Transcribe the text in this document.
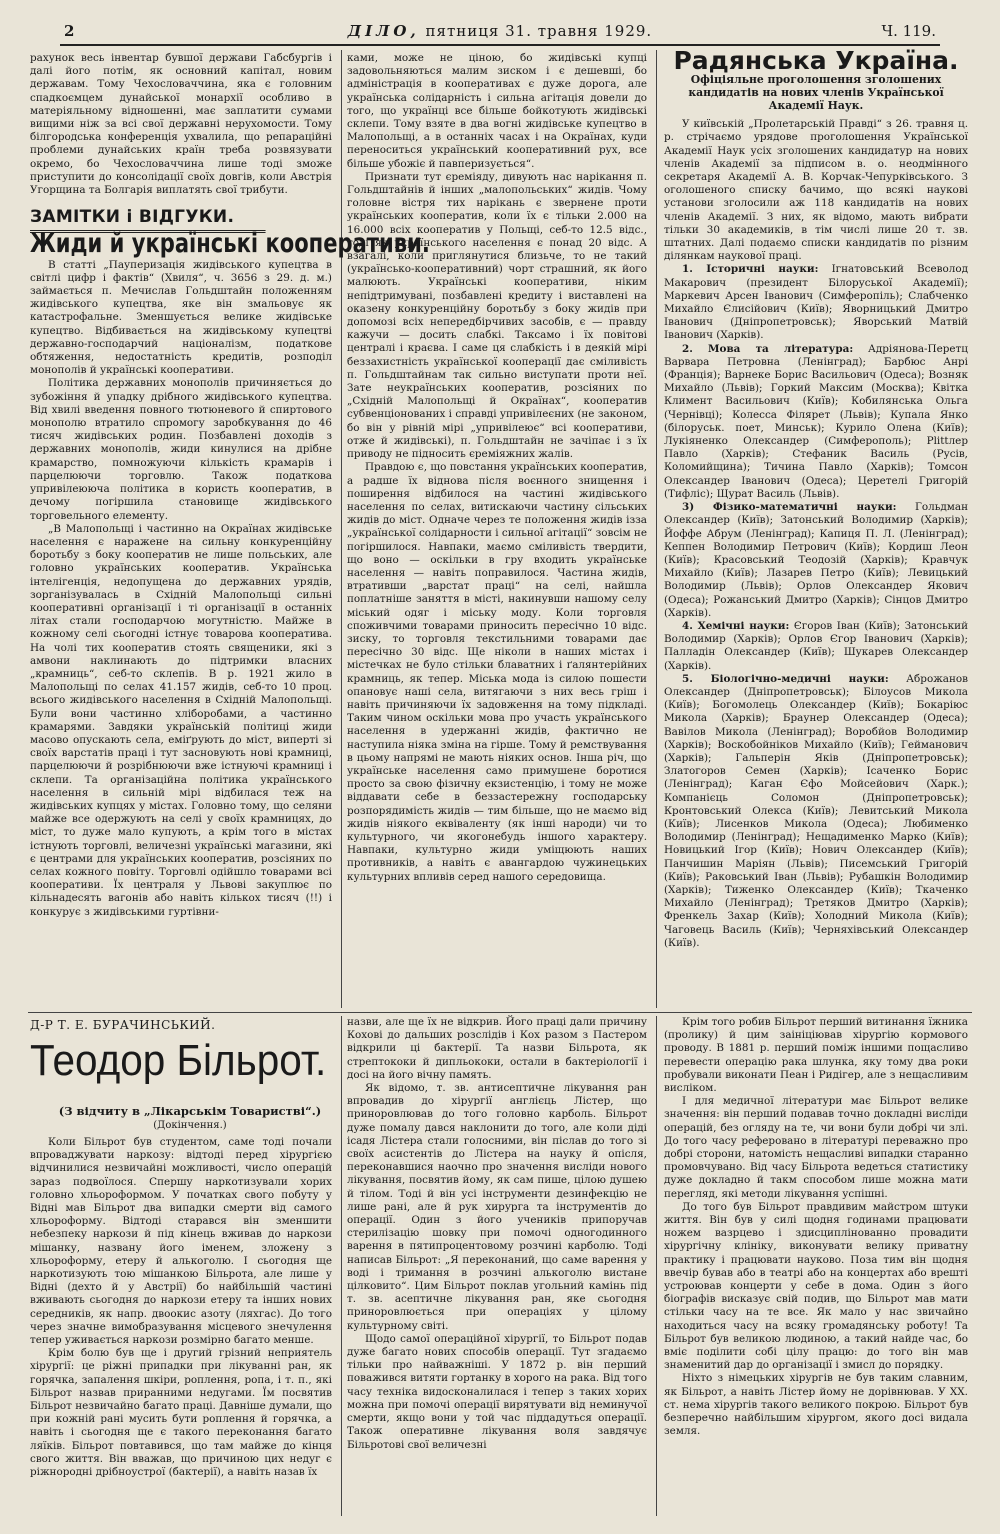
2	ДІЛО, пятниця 31. травня 1929.	Ч. 119.

рахунок весь інвентар бувшої держави Габсбургів і далі його потім, як основний капітал, новим державам. Тому Чехословаччина, яка є головним спадкоємцем дунайської монархії особливо в матеріяльному відношенні, має заплатити сумами вищими ніж за всі свої державні нерухомости. Тому білгородська конференція ухвалила, що репараційні проблеми дунайських країн треба розвязувати окремо, бо Чехословаччина лише тоді зможе приступити до консолідації своїх довгів, коли Австрія Угорщина та Болгарія виплатять свої трибути.

ЗАМІТКИ і ВІДГУКИ.
Жиди й українські кооперативи.

В статті „Пауперизація жидівського купецтва в світлі цифр і фактів“ (Хвиля“, ч. 3656 з 29. д. м.) займається п. Мечислав Гольдштайн положенням жидівського купецтва, яке він змальовує як катастрофальне. Зменшується велике жидівське купецтво. Відбивається на жидівському купецтві державно-господарчий націоналізм, податкове обтяження, недостатність кредитів, розподіл монополів й українські кооперативи.

Політика державних монополів причиняється до зубожіння й упадку дрібного жидівського купецтва. Від хвилі введення повного тютюневого й спиртового монополю втратило спромогу заробкування до 46 тисяч жидівських родин. Позбавлені доходів з державних монополів, жиди кинулися на дрібне крамарство, помножуючи кількість крамарів і парцелюючи торговлю. Також податкова упривілеююча політика в користь кооператив, в дечому погіршила становище жидівського торговельного елементу.

„В Малопольщі і частинно на Окраїнах жидівське населення є наражене на сильну конкуренційну боротьбу з боку кооператив не лише польських, але головно українських кооператив. Українська інтелігенція, недопущена до державних урядів, зорганізувалась в Східній Малопольщі сильні кооперативні організації і ті організації в останніх літах стали господарчою могутністю. Майже в кожному селі сьогодні істнує товарова кооператива. На чолі тих кооператив стоять священики, які з амвони наклинають до підтримки власних „крамниць“, себ-то склепів. В р. 1921 жило в Малопольщі по селах 41.157 жидів, себ-то 10 проц. всього жидівського населення в Східній Малопольщі. Були вони частинно хліборобами, а частинно крамарями. Завдяки українській політиці жиди масово опускають села, еміґрують до міст, виперті зі своїх варстатів праці і тут засновують нові крамниці, парцелюючи й розрібнюючи вже істнуючі крамниці і склепи. Та організаційна політика українського населення в сильній мірі відбилася теж на жидівських купцях у містах. Головно тому, що селяни майже все одержують на селі у своїх крамницях, до міст, то дуже мало купують, а крім того в містах істнують торговлі, величезні українські магазини, які є центрами для українських кооператив, розсіяних по селах кожного повіту. Торговлі одійшло товарами всі кооперативи. Їх централя у Львові закуплює по кільнадесять вагонів або навіть кількох тисяч (!!) і конкурує з жидівськими гуртівни-

ками, може не ціною, бо жидівські купці задовольняються малим зиском і є дешевші, бо адміністрація в кооперативах є дуже дорога, але українська солідарність і сильна агітація довели до того, що українці все більше бойкотують жидівські склепи. Тому взяте в два вогні жидівське купецтво в Малопольщі, а в останніх часах і на Окраїнах, куди переноситься український кооперативний рух, все більше убожіє й павперизується“.

Признати тут єреміяду, дивують нас нарікання п. Гольдштайнів й інших „малопольських“ жидів. Чому головне вістря тих нарікань є звернене проти українських кооператив, коли їх є тільки 2.000 на 16.000 всіх кооператив у Польщі, себ-то 12.5 відс., тоді як українського населення є понад 20 відс. А взагалі, коли приглянутися близьче, то не такий (українсько-кооперативний) чорт страшний, як його малюють. Українські кооперативи, ніким непідтримувані, позбавлені кредиту і виставлені на оказену конкуренційну боротьбу з боку жидів при допомозі всіх непередбірчивих засобів, є — правду кажучи — досить слабкі. Таксамо і їх повітові централі і краєва. І саме ця слабкість і в деякій мірі беззахистність української кооперації дає сміливість п. Гольдштайнам так сильно виступати проти неї. Зате неукраїнських кооператив, розсіяних по „Східній Малопольщі й Окраїнах“, кооператив субвенціонованих і справді упривілеєних (не законом, бо він у рівній мірі „упривілеює“ всі кооперативи, отже й жидівські), п. Гольдштайн не зачіпає і з їх приводу не підносить єреміяжних жалів.

Правдою є, що повстання українських кооператив, а радше їх віднова після воєнного знищення і поширення відбилося на частині жидівського населення по селах, витискаючи частину сільських жидів до міст. Одначе через те положення жидів ізза „української солідарности і сильної агітації“ зовсім не погіршилося. Навпаки, маємо сміливість твердити, що воно — оскільки в гру входить українське населення — навіть поправилося. Частина жидів, втративши „варстат праці“ на селі, найшла поплатніше заняття в місті, накинувши нашому селу міський одяг і міську моду. Коли торговля споживчими товарами приносить пересічно 10 відс. зиску, то торговля текстильними товарами дає пересічно 30 відс. Ще ніколи в наших містах і містечках не було стільки блаватних і ґалянтерійних крамниць, як тепер. Міська мода із силою пошести опановує наші села, витягаючи з них весь гріш і навіть причиняючи їх задовження на тому підкладі. Таким чином оскільки мова про участь українського населення в удержанні жидів, фактично не наступила ніяка зміна на гірше. Тому й ремствування в цьому напрямі не мають ніяких основ. Інша річ, що українське населення само примушене боротися просто за свою фізичну екзистенцію, і тому не може віддавати себе в беззастережну господарську розпорядимість жидів — тим більше, що не маємо від жидів ніякого еквіваленту (як інші народи) чи то культурного, чи якогонебудь іншого характеру. Навпаки, культурно жиди уміщюють наших противників, а навіть є авангардою чужинецьких культурних впливів серед нашого середовища.

Радянська Україна.
Офіціяльне проголошення зголошених кандидатів на нових членів Української Академії Наук.

У київській „Пролетарській Правді“ з 26. травня ц. р. стрічаємо урядове проголошення Української Академії Наук усіх зголошених кандидатур на нових членів Академії за підписом в. о. неодмінного секретаря Академії А. В. Корчак-Чепурківського. З оголошеного списку бачимо, що всякі наукові установи зголосили аж 118 кандидатів на нових членів Академії. З них, як відомо, мають вибрати тільки 30 академиків, в тім числі лише 20 т. зв. штатних. Далі подаємо списки кандидатів по різним ділянкам наукової праці.

1. Історичні науки: Ігнатовський Всеволод Макарович (президент Білоруської Академії); Маркевич Арсен Іванович (Симферопіль); Слабченко Михайло Єлисійович (Київ); Яворницький Дмитро Іванович (Дніпропетровськ); Яворський Матвій Іванович (Харків).

2. Мова та література: Адріянова-Перетц Варвара Петровна (Ленінград); Барбюс Анрі (Франція); Варнеке Борис Васильович (Одеса); Возняк Михайло (Львів); Горкий Максим (Москва); Квітка Климент Васильович (Київ); Кобилянська Ольга (Чернівці); Колесса Філярет (Львів); Купала Янко (білоруськ. поет, Минськ); Курило Олена (Київ); Лукіяненко Олександер (Симферополь); Рlittлер Павло (Харків); Стефаник Василь (Русів, Коломийщина); Тичина Павло (Харків); Томсон Олександер Іванович (Одеса); Церетелі Григорій (Тифліс); Щурат Василь (Львів).

3) Фізико-математичні науки: Гольдман Олександер (Київ); Затонський Володимир (Харків); Йоффе Абрум (Ленінград); Капиця П. Л. (Ленінград); Кеппен Володимир Петрович (Київ); Кордиш Леон (Київ); Красовський Теодозій (Харків); Кравчук Михайло (Київ); Лазарев Петро (Київ); Левицький Володимир (Львів); Орлов Олександер Якович (Одеса); Рожанський Дмитро (Харків); Сінцов Дмитро (Харків).

4. Хемічні науки: Єгоров Іван (Київ); Затонський Володимир (Харків); Орлов Єгор Іванович (Харків); Палладін Олександер (Київ); Шукарев Олександер (Харків).

5. Біологічно-медичні науки: Аброжанов Олександер (Дніпропетровськ); Білоусов Микола (Київ); Богомолець Олександер (Київ); Бокаріюс Микола (Харків); Браунер Олександер (Одеса); Вавілов Микола (Ленінград); Воробйов Володимир (Харків); Воскобойніков Михайло (Київ); Гейманович (Харків); Гальперін Яків (Дніпропетровськ); Златогоров Семен (Харків); Ісаченко Борис (Ленінград); Каган Єфо Мойсейович (Харк.); Компанієць Соломон (Дніпропетровськ); Кронтовський Олекса (Київ); Левитський Микола (Київ); Лисенков Микола (Одеса); Любименко Володимир (Ленінград); Нещадименко Марко (Київ); Новицький Ігор (Київ); Нович Олександер (Київ); Панчишин Маріян (Львів); Писемський Григорій (Київ); Раковський Іван (Львів); Рубашкін Володимир (Харків); Тиженко Олександер (Київ); Ткаченко Михайло (Ленінград); Третяков Дмитро (Харків); Френкель Захар (Київ); Холодний Микола (Київ); Чаговець Василь (Київ); Черняхівський Олександер (Київ).

Д-Р Т. Е. БУРАЧИНСЬКИЙ.
Теодор Більрот.
(З відчиту в „Лікарськім Товаристві“.)
(Докінчення.)

Коли Більрот був студентом, саме тоді почали впроваджувати наркозу: відтоді перед хірургією відчинилися незвичайні можливості, число операцій зараз подвоїлося. Спершу наркотизували хорих головно хльороформом. У початках свого побуту у Відні мав Більрот два випадки смерти від самого хльороформу. Відтоді старався він зменшити небезпеку наркози й під кінець вживав до наркози мішанку, названу його іменем, зложену з хльороформу, етеру й алькоголю. І сьогодня ще наркотизують тою мішанкою Більрота, але лише у Відні (дехто й у Австрії) бо найбільшій частині вживають сьогодня до наркози етеру та інших нових середників, як напр. двоокис азоту (ляхгас). До того через значне вимобразування місцевого знечулення тепер уживається наркози розмірно багато менше.

Крім болю був ще і другий грізний неприятель хірургії: це ріжні припадки при лікуванні ран, як горячка, запалення шкіри, роплення, ропа, і т. п., які Більрот назвав приранними недугами. Їм посвятив Більрот незвичайно багато праці. Давніше думали, що при кожній рані мусить бути роплення й горячка, а навіть і сьогодня ще є такого переконання багато ляїків. Більрот повтавився, що там майже до кінця свого життя. Він вважав, що причиною цих недуг є ріжнородні дрібноустрої (бактерії), а навіть назав їх

назви, але ще їх не відкрив. Його праці дали причину Коховi до дальших розслідів і Кох разом з Пастером відкрили ці бактерії. Та назви Більрота, як стрептококи й дипльококи, остали в бактеріології і досі на його вічну память.

Як відомо, т. зв. антисептичне лікування ран впровадив до хірургії англієць Лістер, що приноровлював до того головно карболь. Більрот дуже помалу дався наклонити до того, але коли діді ісадя Лістера стали голосними, він післав до того зі своїх асистентів до Лістера на науку й опісля, переконавшися наочно про значення висліди нового лікування, посвятив йому, як сам пише, цілою душею й тілом. Тоді й він усі інструменти дезинфекцію не лише рані, але й рук хирурга та інструментів до операції. Один з його учеників припоручав стерилізацію шовку при помочі одногодинного варення в пятипроцентовому розчині карболю. Тоді написав Більрот: „Я переконаний, що саме варення у воді і тримання в розчині алькоголю вистане цілковито“. Цим Більрот поклав угольний камінь під т. зв. асептичне лікування ран, яке сьогодня приноровлюється при операціях у цілому культурному світі.

Щодо самої операційної хірургії, то Більрот подав дуже багато нових способів операції. Тут згадаємо тільки про найважніші. У 1872 р. він перший поважився витяти гортанку в хорого на рака. Від того часу техніка видосконалилася і тепер з таких хорих можна при помочі операції вирятувати від неминучої смерти, якщо вони у той час піддадуться операції. Також оперативне лікування воля завдячує Більротові свої величезні

Крім того робив Більрот перший витинання їжника (пролику) й цим заініціював хірургію кормового проводу. В 1881 р. перший поміж іншими пощасливо перевести операцію рака шлунка, яку тому два роки пробували виконати Пеан і Ридігер, але з нещасливим висліком.

І для медичної літератури має Більрот велике значення: він перший подавав точно докладні висліди операцій, без огляду на те, чи вони були добрі чи злі. До того часу реферовано в літературі переважно про добрі сторони, натомість нещасливі випадки старанно промовчувано. Від часу Більрота ведеться статистику дуже докладно й такм способом лише можна мати перегляд, які методи лікування успішні.

До того був Більрот правдивим майстром штуки життя. Він був у силі щодня годинами працювати ножем вазрцево і здисциплінованно провадити хірургічну клініку, виконувати велику приватну практику і працювати науково. Поза тим він щодня ввечір бував або в театрі або на концертах або врешті устроював концерти у себе в дома. Один з його біографів висказує свій подив, що Більрот мав мати стільки часу на те все. Як мало у нас звичайно находиться часу на всяку громадянську роботу! Та Більрот був великою людиною, а такий найде час, бо вміє поділити собі цілу працю: до того він мав знаменитий дар до організації і змисл до порядку.

Ніхто з німецьких хірургів не був таким славним, як Більрот, а навіть Лістер йому не дорівнював. У XX. ст. нема хірургів такого великого покрою. Більрот був безперечно найбільшим хірургом, якого досі видала земля.
